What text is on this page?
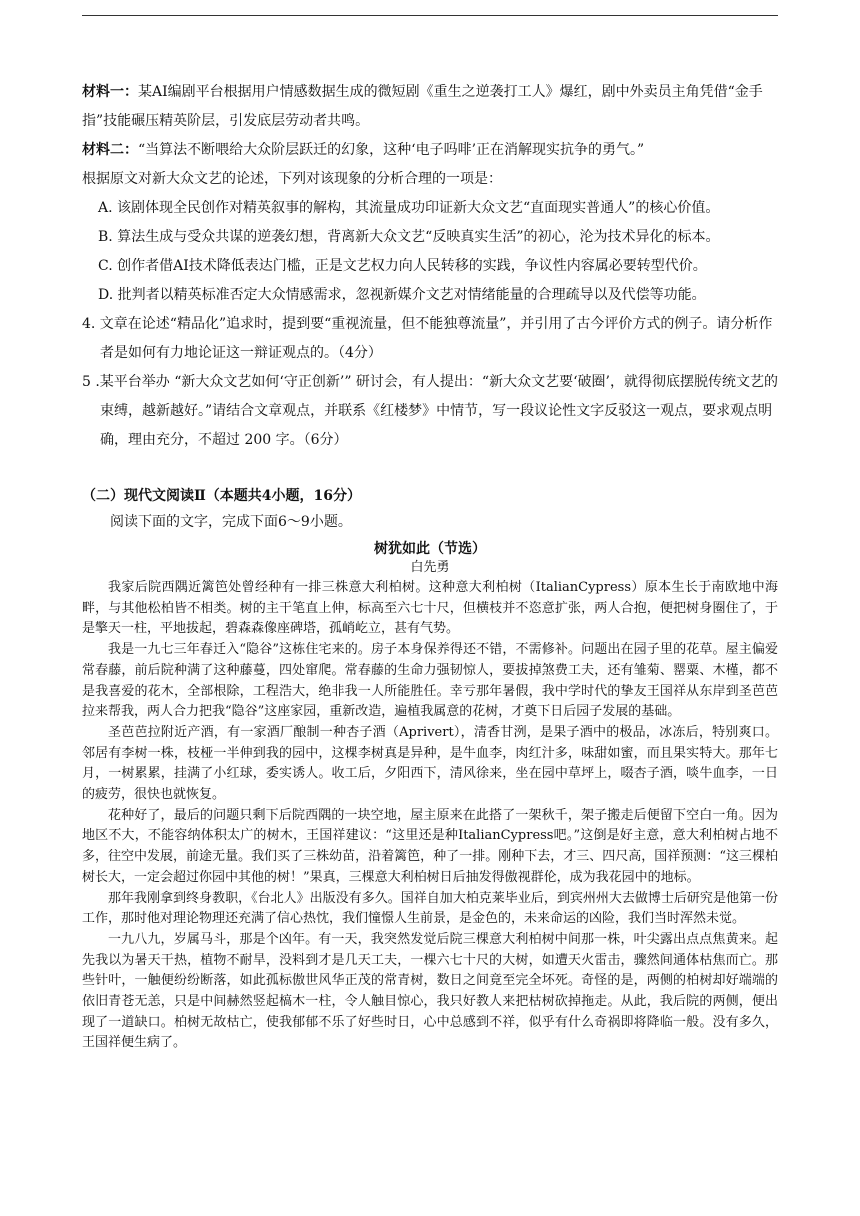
材料一：某AI编剧平台根据用户情感数据生成的微短剧《重生之逆袭打工人》爆红，剧中外卖员主角凭借“金手指”技能碾压精英阶层，引发底层劳动者共鸣。

材料二：“当算法不断喂给大众阶层跃迁的幻象，这种‘电子吗啡’正在消解现实抗争的勇气。”

根据原文对新大众文艺的论述，下列对该现象的分析合理的一项是：

A. 该剧体现全民创作对精英叙事的解构，其流量成功印证新大众文艺“直面现实普通人”的核心价值。

B. 算法生成与受众共谋的逆袭幻想，背离新大众文艺“反映真实生活”的初心，沦为技术异化的标本。

C. 创作者借AI技术降低表达门槛，正是文艺权力向人民转移的实践，争议性内容属必要转型代价。

D. 批判者以精英标准否定大众情感需求，忽视新媒介文艺对情绪能量的合理疏导以及代偿等功能。

4. 文章在论述“精品化”追求时，提到要“重视流量，但不能独尊流量”，并引用了古今评价方式的例子。请分析作者是如何有力地论证这一辩证观点的。（4分）

5 .某平台举办 “新大众文艺如何‘守正创新’” 研讨会，有人提出：“新大众文艺要‘破圈’，就得彻底摆脱传统文艺的束缚，越新越好。”请结合文章观点，并联系《红楼梦》中情节，写一段议论性文字反驳这一观点，要求观点明确，理由充分，不超过 200 字。（6分）

（二）现代文阅读Ⅱ（本题共4小题，16分）
阅读下面的文字，完成下面6～9小题。
树犹如此（节选）
白先勇

我家后院西隅近篱笆处曾经种有一排三株意大利柏树。这种意大利柏树（ItalianCypress）原本生长于南欧地中海畔，与其他松柏皆不相类。树的主干笔直上伸，标高至六七十尺，但横枝并不恣意扩张，两人合抱，便把树身圈住了，于是擎天一柱，平地拔起，碧森森像座碑塔，孤峭屹立，甚有气势。

我是一九七三年春迁入“隐谷”这栋住宅来的。房子本身保养得还不错，不需修补。问题出在园子里的花草。屋主偏爱常春藤，前后院种满了这种藤蔓，四处窜爬。常春藤的生命力强韧惊人，要拔掉煞费工夫，还有雏菊、罂粟、木槿，都不是我喜爱的花木，全部根除，工程浩大，绝非我一人所能胜任。幸亏那年暑假，我中学时代的挚友王国祥从东岸到圣芭芭拉来帮我，两人合力把我“隐谷”这座家园，重新改造，遍植我属意的花树，才奠下日后园子发展的基础。

圣芭芭拉附近产酒，有一家酒厂酿制一种杏子酒（Aprivert），清香甘洌，是果子酒中的极品，冰冻后，特别爽口。邻居有李树一株，枝桠一半伸到我的园中，这棵李树真是异种，是牛血李，肉红汁多，味甜如蜜，而且果实特大。那年七月，一树累累，挂满了小红球，委实诱人。收工后，夕阳西下，清风徐来，坐在园中草坪上，啜杏子酒，啖牛血李，一日的疲劳，很快也就恢复。

花种好了，最后的问题只剩下后院西隅的一块空地，屋主原来在此搭了一架秋千，架子搬走后便留下空白一角。因为地区不大，不能容纳体积太广的树木，王国祥建议：“这里还是种ItalianCypress吧。”这倒是好主意，意大利柏树占地不多，往空中发展，前途无量。我们买了三株幼苗，沿着篱笆，种了一排。刚种下去，才三、四尺高，国祥预测：“这三棵柏树长大，一定会超过你园中其他的树！”果真，三棵意大利柏树日后抽发得傲视群伦，成为我花园中的地标。

那年我刚拿到终身教职，《台北人》出版没有多久。国祥自加大柏克莱毕业后，到宾州州大去做博士后研究是他第一份工作，那时他对理论物理还充满了信心热忱，我们憧憬人生前景，是金色的，未来命运的凶险，我们当时浑然未觉。

一九八九，岁属马斗，那是个凶年。有一天，我突然发觉后院三棵意大利柏树中间那一株，叶尖露出点点焦黄来。起先我以为暑天干热，植物不耐旱，没料到才是几天工夫，一棵六七十尺的大树，如遭天火雷击，骤然间通体枯焦而亡。那些针叶，一触便纷纷断落，如此孤标傲世风华正茂的常青树，数日之间竟至完全坏死。奇怪的是，两侧的柏树却好端端的依旧青苍无恙，只是中间赫然竖起槁木一柱，令人触目惊心，我只好教人来把枯树砍掉拖走。从此，我后院的两侧，便出现了一道缺口。柏树无故枯亡，使我郁郁不乐了好些时日，心中总感到不祥，似乎有什么奇祸即将降临一般。没有多久，王国祥便生病了。
